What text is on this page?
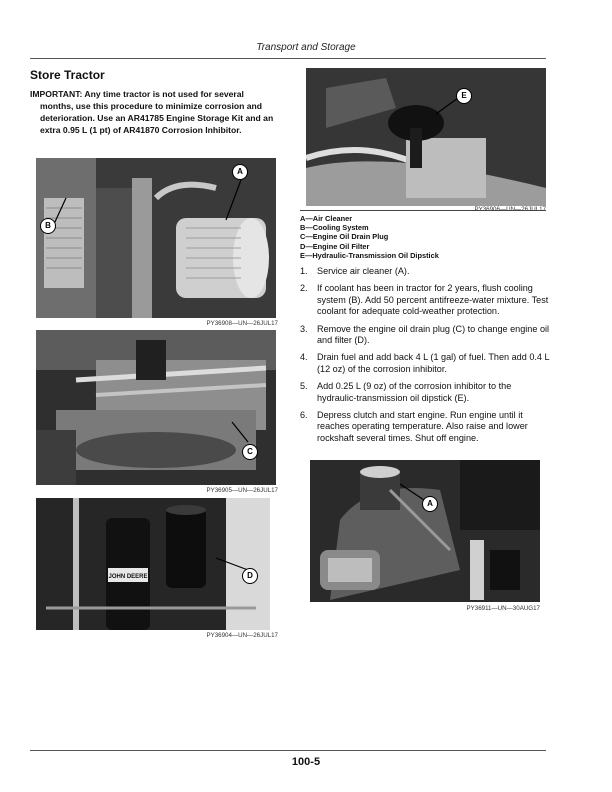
Transport and Storage
Store Tractor
IMPORTANT: Any time tractor is not used for several
months, use this procedure to minimize corrosion and deterioration. Use an AR41785 Engine Storage Kit and an extra 0.95 L (1 pt) of AR41870 Corrosion Inhibitor.
A
B
PY36908—UN—26JUL17
C
PY36905—UN—26JUL17
JOHN DEERE	D
PY36904—UN—26JUL17
E
PY36906—UN—26JUL17
A—Air Cleaner
B—Cooling System
C—Engine Oil Drain Plug
D—Engine Oil Filter
E—Hydraulic-Transmission Oil Dipstick
1. Service air cleaner (A).
2. If coolant has been in tractor for 2 years, flush cooling system (B). Add 50 percent antifreeze-water mixture. Test coolant for adequate cold-weather protection.
3. Remove the engine oil drain plug (C) to change engine oil and filter (D).
4. Drain fuel and add back 4 L (1 gal) of fuel. Then add 0.4 L (12 oz) of the corrosion inhibitor.
5. Add 0.25 L (9 oz) of the corrosion inhibitor to the hydraulic-transmission oil dipstick (E).
6. Depress clutch and start engine. Run engine until it reaches operating temperature. Also raise and lower rockshaft several times. Shut off engine.
A
PY36911—UN—30AUG17
100-5
